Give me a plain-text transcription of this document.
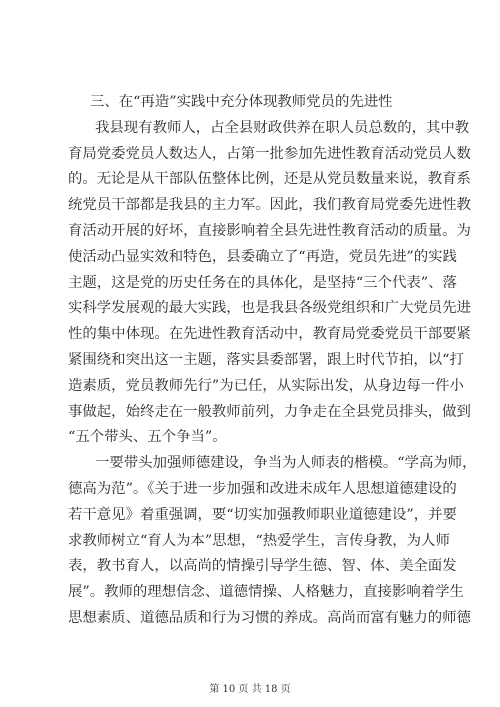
三、在“再造”实践中充分体现教师党员的先进性

我县现有教师人，占全县财政供养在职人员总数的，其中教
育局党委党员人数达人，占第一批参加先进性教育活动党员人数
的。无论是从干部队伍整体比例，还是从党员数量来说，教育系
统党员干部都是我县的主力军。因此，我们教育局党委先进性教
育活动开展的好坏，直接影响着全县先进性教育活动的质量。为
使活动凸显实效和特色，县委确立了“再造，党员先进”的实践
主题，这是党的历史任务在的具体化，是坚持“三个代表”、落
实科学发展观的最大实践，也是我县各级党组织和广大党员先进
性的集中体现。在先进性教育活动中，教育局党委党员干部要紧
紧围绕和突出这一主题，落实县委部署，跟上时代节拍，以“打
造素质，党员教师先行”为已任，从实际出发，从身边每一件小
事做起，始终走在一般教师前列，力争走在全县党员排头，做到
“五个带头、五个争当”。
一要带头加强师德建设，争当为人师表的楷模。“学高为师，
德高为范”。《关于进一步加强和改进未成年人思想道德建设的
若干意见》着重强调，要“切实加强教师职业道德建设”，并要
求教师树立“育人为本”思想，“热爱学生，言传身教，为人师
表，教书育人，以高尚的情操引导学生德、智、体、美全面发
展”。教师的理想信念、道德情操、人格魅力，直接影响着学生
思想素质、道德品质和行为习惯的养成。高尚而富有魅力的师德
第 10 页 共 18 页
